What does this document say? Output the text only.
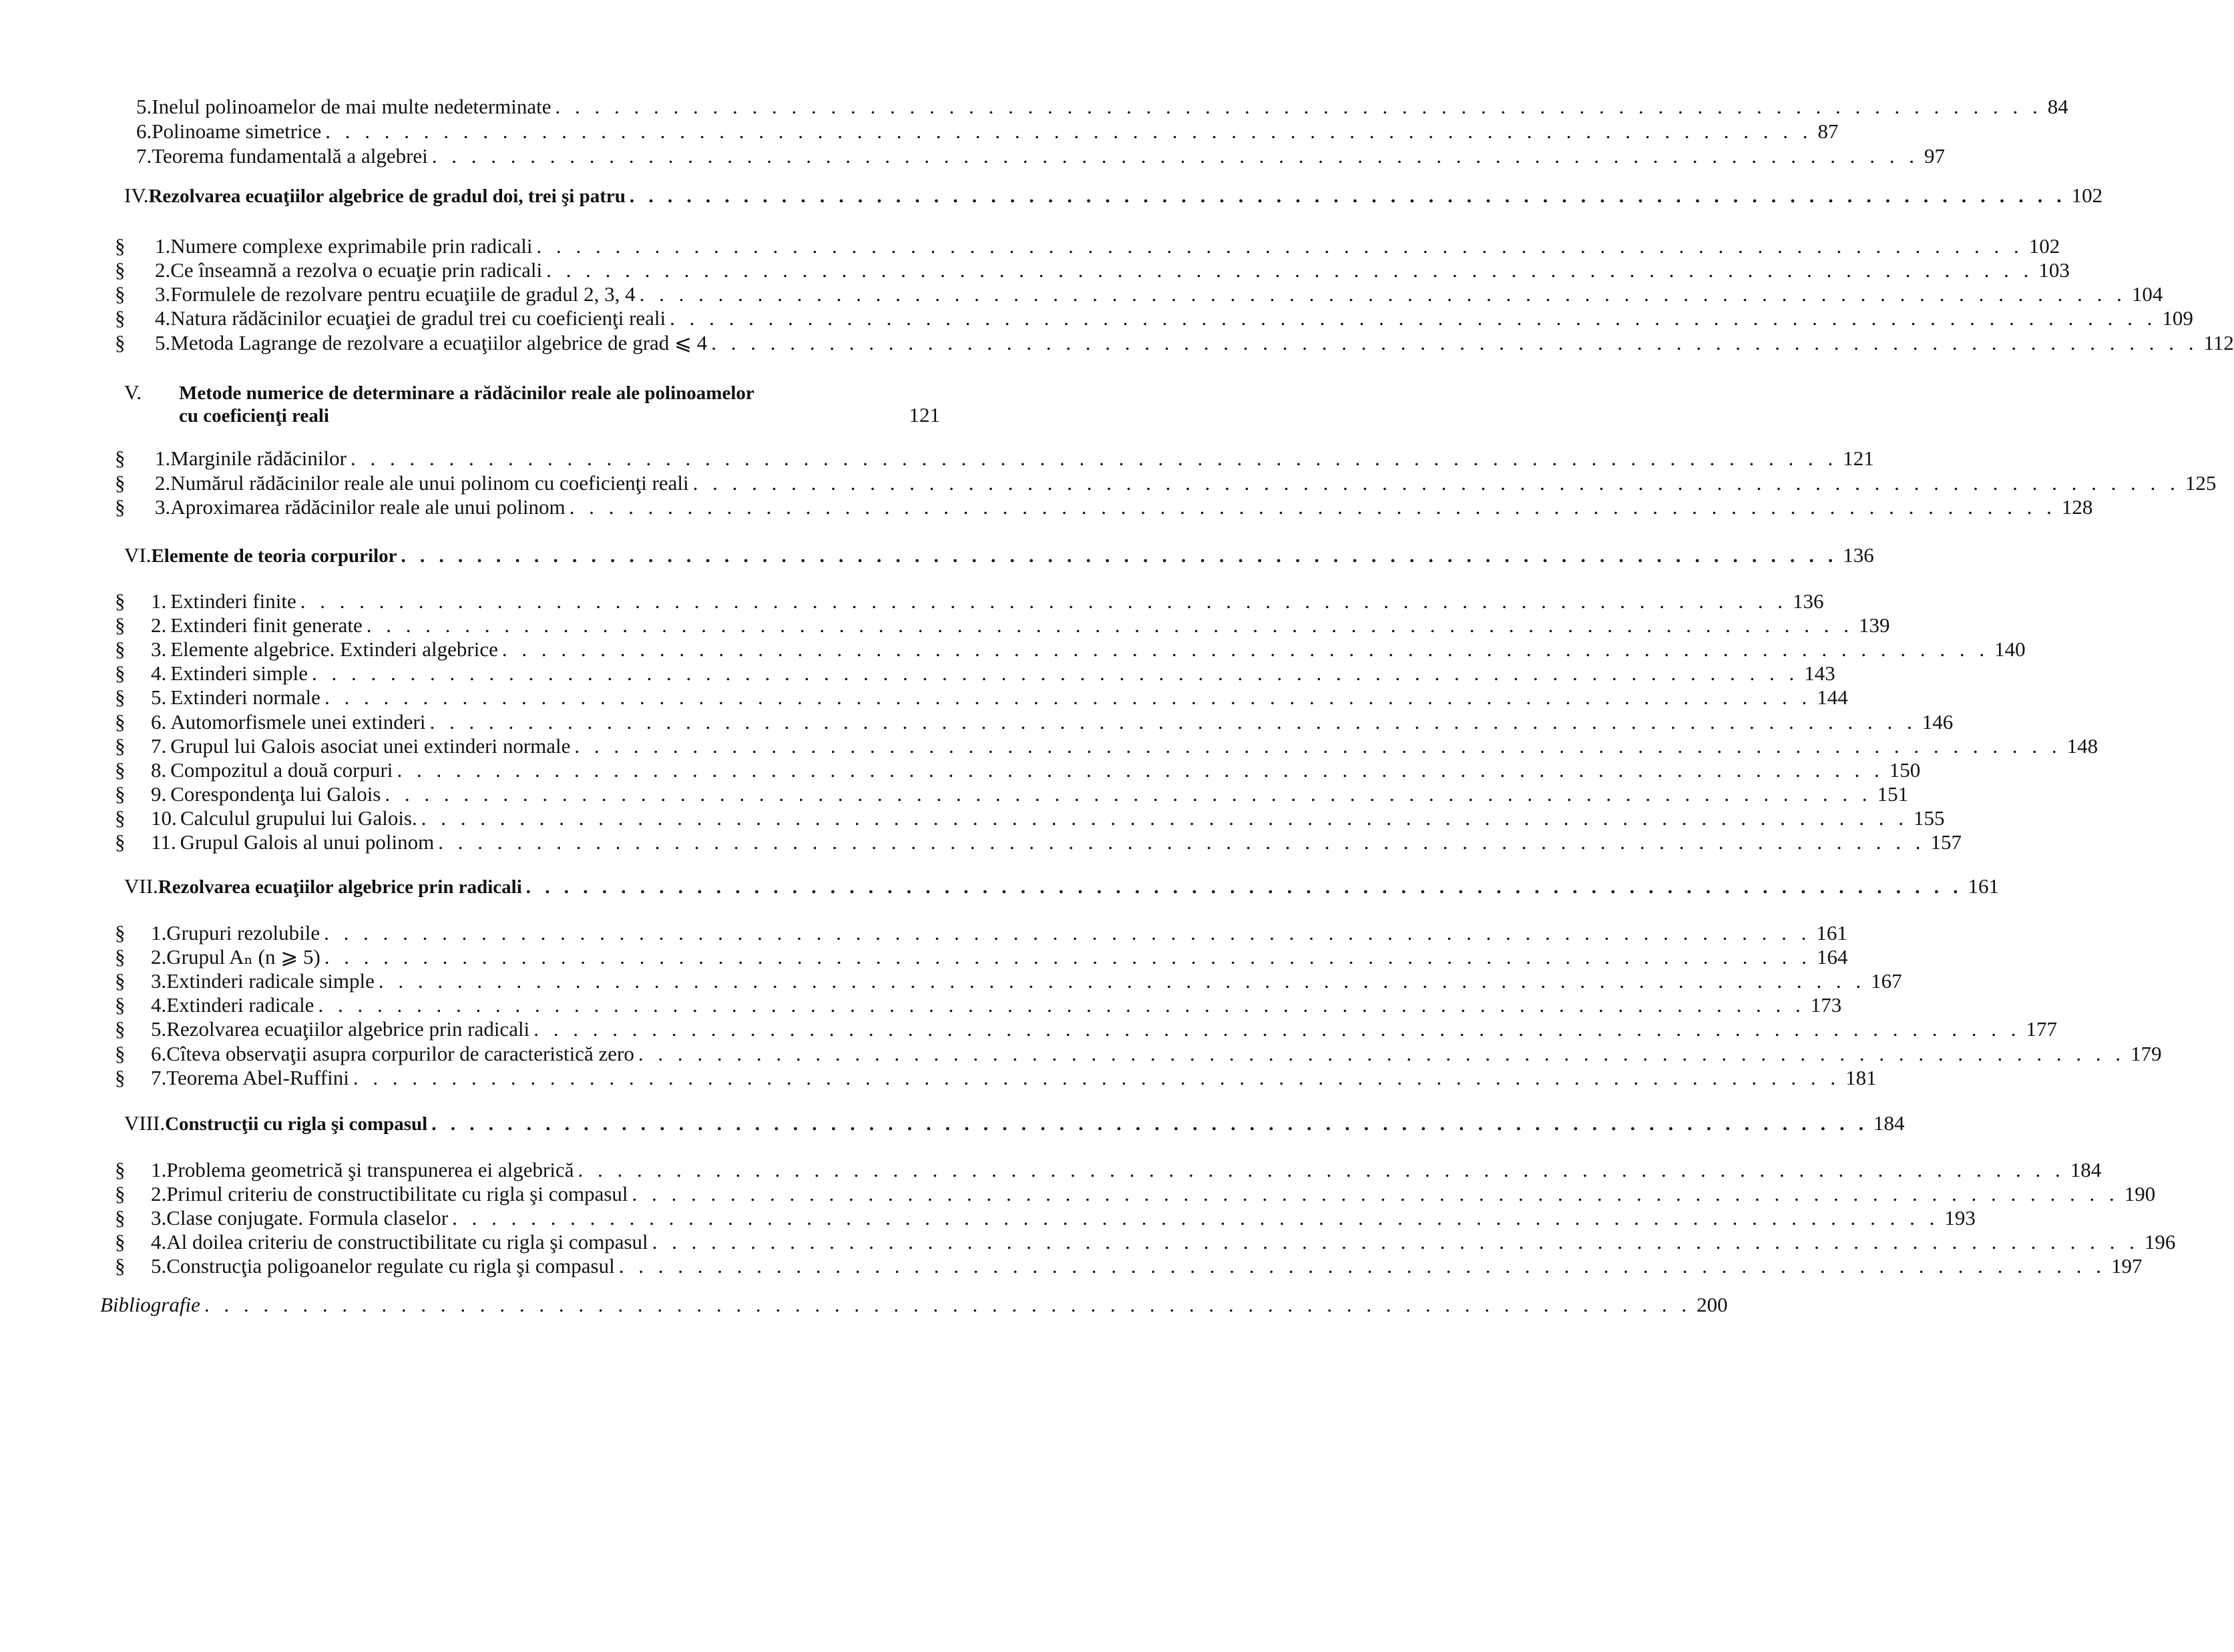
5. Inelul polinoamelor de mai multe nedeterminate . . . . . . . . . . . . . . . . . . . . . . . . . . . . . . . . . . . . . . . . . . . . . . . . . . . . . . . . . . . . . . . . . . . . . . . . . . . . 84
6. Polinoame simetrice . . . . . . . . . . . . . . . . . . . . . . . . . . . . . . . . . . . . . . . . . . . . . . . . . . . . . . . . . . . . . . . . . . . . . . . . . . . . 87
7. Teorema fundamentală a algebrei . . . . . . . . . . . . . . . . . . . . . . . . . . . . . . . . . . . . . . . . . . . . . . . . . . . . . . . . . . . . . . . . . . . . . . . . . . . . 97
IV. Rezolvarea ecuaţiilor algebrice de gradul doi, trei şi patru . . . . . . . . . . . . . . . . . . . . . . . . . . . . . . . . . . . . . . . . . . . . . . . . . . . . . . . . . . . . . . . . . . . . . . . . . . . . 102
§	1. Numere complexe exprimabile prin radicali . . . . . . . . . . . . . . . . . . . . . . . . . . . . . . . . . . . . . . . . . . . . . . . . . . . . . . . . . . . . . . . . . . . . . . . . . . . . 102
§	2. Ce înseamnă a rezolva o ecuaţie prin radicali . . . . . . . . . . . . . . . . . . . . . . . . . . . . . . . . . . . . . . . . . . . . . . . . . . . . . . . . . . . . . . . . . . . . . . . . . . . . 103
§	3. Formulele de rezolvare pentru ecuaţiile de gradul 2, 3, 4 . . . . . . . . . . . . . . . . . . . . . . . . . . . . . . . . . . . . . . . . . . . . . . . . . . . . . . . . . . . . . . . . . . . . . . . . . . . . 104
§	4. Natura rădăcinilor ecuaţiei de gradul trei cu coeficienţi reali . . . . . . . . . . . . . . . . . . . . . . . . . . . . . . . . . . . . . . . . . . . . . . . . . . . . . . . . . . . . . . . . . . . . . . . . . . . . 109
§	5. Metoda Lagrange de rezolvare a ecuaţiilor algebrice de grad ⩽ 4 . . . . . . . . . . . . . . . . . . . . . . . . . . . . . . . . . . . . . . . . . . . . . . . . . . . . . . . . . . . . . . . . . . . . . . . . . . . . 112
V.	Metode numerice de determinare a rădăcinilor reale ale polinoamelor
cu coeficienţi reali	121
§	1. Marginile rădăcinilor . . . . . . . . . . . . . . . . . . . . . . . . . . . . . . . . . . . . . . . . . . . . . . . . . . . . . . . . . . . . . . . . . . . . . . . . . . . . 121
§	2. Numărul rădăcinilor reale ale unui polinom cu coeficienţi reali . . . . . . . . . . . . . . . . . . . . . . . . . . . . . . . . . . . . . . . . . . . . . . . . . . . . . . . . . . . . . . . . . . . . . . . . . . . . 125
§	3. Aproximarea rădăcinilor reale ale unui polinom . . . . . . . . . . . . . . . . . . . . . . . . . . . . . . . . . . . . . . . . . . . . . . . . . . . . . . . . . . . . . . . . . . . . . . . . . . . . 128
VI. Elemente de teoria corpurilor . . . . . . . . . . . . . . . . . . . . . . . . . . . . . . . . . . . . . . . . . . . . . . . . . . . . . . . . . . . . . . . . . . . . . . . . . . . . 136
§	1. Extinderi finite . . . . . . . . . . . . . . . . . . . . . . . . . . . . . . . . . . . . . . . . . . . . . . . . . . . . . . . . . . . . . . . . . . . . . . . . . . . . 136
§	2. Extinderi finit generate . . . . . . . . . . . . . . . . . . . . . . . . . . . . . . . . . . . . . . . . . . . . . . . . . . . . . . . . . . . . . . . . . . . . . . . . . . . . 139
§	3. Elemente algebrice. Extinderi algebrice . . . . . . . . . . . . . . . . . . . . . . . . . . . . . . . . . . . . . . . . . . . . . . . . . . . . . . . . . . . . . . . . . . . . . . . . . . . . 140
§	4. Extinderi simple . . . . . . . . . . . . . . . . . . . . . . . . . . . . . . . . . . . . . . . . . . . . . . . . . . . . . . . . . . . . . . . . . . . . . . . . . . . . 143
§	5. Extinderi normale . . . . . . . . . . . . . . . . . . . . . . . . . . . . . . . . . . . . . . . . . . . . . . . . . . . . . . . . . . . . . . . . . . . . . . . . . . . . 144
§	6. Automorfismele unei extinderi . . . . . . . . . . . . . . . . . . . . . . . . . . . . . . . . . . . . . . . . . . . . . . . . . . . . . . . . . . . . . . . . . . . . . . . . . . . . 146
§	7. Grupul lui Galois asociat unei extinderi normale . . . . . . . . . . . . . . . . . . . . . . . . . . . . . . . . . . . . . . . . . . . . . . . . . . . . . . . . . . . . . . . . . . . . . . . . . . . . 148
§	8. Compozitul a două corpuri . . . . . . . . . . . . . . . . . . . . . . . . . . . . . . . . . . . . . . . . . . . . . . . . . . . . . . . . . . . . . . . . . . . . . . . . . . . . 150
§	9. Corespondenţa lui Galois . . . . . . . . . . . . . . . . . . . . . . . . . . . . . . . . . . . . . . . . . . . . . . . . . . . . . . . . . . . . . . . . . . . . . . . . . . . . 151
§	10. Calculul grupului lui Galois. . . . . . . . . . . . . . . . . . . . . . . . . . . . . . . . . . . . . . . . . . . . . . . . . . . . . . . . . . . . . . . . . . . . . . . . . . . . . 155
§	11. Grupul Galois al unui polinom . . . . . . . . . . . . . . . . . . . . . . . . . . . . . . . . . . . . . . . . . . . . . . . . . . . . . . . . . . . . . . . . . . . . . . . . . . . . 157
VII. Rezolvarea ecuaţiilor algebrice prin radicali . . . . . . . . . . . . . . . . . . . . . . . . . . . . . . . . . . . . . . . . . . . . . . . . . . . . . . . . . . . . . . . . . . . . . . . . . . . . 161
§	1. Grupuri rezolubile . . . . . . . . . . . . . . . . . . . . . . . . . . . . . . . . . . . . . . . . . . . . . . . . . . . . . . . . . . . . . . . . . . . . . . . . . . . . 161
§	2. Grupul Aₙ (n ⩾ 5) . . . . . . . . . . . . . . . . . . . . . . . . . . . . . . . . . . . . . . . . . . . . . . . . . . . . . . . . . . . . . . . . . . . . . . . . . . . . 164
§	3. Extinderi radicale simple . . . . . . . . . . . . . . . . . . . . . . . . . . . . . . . . . . . . . . . . . . . . . . . . . . . . . . . . . . . . . . . . . . . . . . . . . . . . 167
§	4. Extinderi radicale . . . . . . . . . . . . . . . . . . . . . . . . . . . . . . . . . . . . . . . . . . . . . . . . . . . . . . . . . . . . . . . . . . . . . . . . . . . . 173
§	5. Rezolvarea ecuaţiilor algebrice prin radicali . . . . . . . . . . . . . . . . . . . . . . . . . . . . . . . . . . . . . . . . . . . . . . . . . . . . . . . . . . . . . . . . . . . . . . . . . . . . 177
§	6. Cîteva observaţii asupra corpurilor de caracteristică zero . . . . . . . . . . . . . . . . . . . . . . . . . . . . . . . . . . . . . . . . . . . . . . . . . . . . . . . . . . . . . . . . . . . . . . . . . . . . 179
§	7. Teorema Abel-Ruffini . . . . . . . . . . . . . . . . . . . . . . . . . . . . . . . . . . . . . . . . . . . . . . . . . . . . . . . . . . . . . . . . . . . . . . . . . . . . 181
VIII. Construcţii cu rigla şi compasul . . . . . . . . . . . . . . . . . . . . . . . . . . . . . . . . . . . . . . . . . . . . . . . . . . . . . . . . . . . . . . . . . . . . . . . . . . . . 184
§	1. Problema geometrică şi transpunerea ei algebrică . . . . . . . . . . . . . . . . . . . . . . . . . . . . . . . . . . . . . . . . . . . . . . . . . . . . . . . . . . . . . . . . . . . . . . . . . . . . 184
§	2. Primul criteriu de constructibilitate cu rigla şi compasul . . . . . . . . . . . . . . . . . . . . . . . . . . . . . . . . . . . . . . . . . . . . . . . . . . . . . . . . . . . . . . . . . . . . . . . . . . . . 190
§	3. Clase conjugate. Formula claselor . . . . . . . . . . . . . . . . . . . . . . . . . . . . . . . . . . . . . . . . . . . . . . . . . . . . . . . . . . . . . . . . . . . . . . . . . . . . 193
§	4. Al doilea criteriu de constructibilitate cu rigla şi compasul . . . . . . . . . . . . . . . . . . . . . . . . . . . . . . . . . . . . . . . . . . . . . . . . . . . . . . . . . . . . . . . . . . . . . . . . . . . . 196
§	5. Construcţia poligoanelor regulate cu rigla şi compasul . . . . . . . . . . . . . . . . . . . . . . . . . . . . . . . . . . . . . . . . . . . . . . . . . . . . . . . . . . . . . . . . . . . . . . . . . . . . 197
Bibliografie . . . . . . . . . . . . . . . . . . . . . . . . . . . . . . . . . . . . . . . . . . . . . . . . . . . . . . . . . . . . . . . . . . . . . . . . . . . . 200
